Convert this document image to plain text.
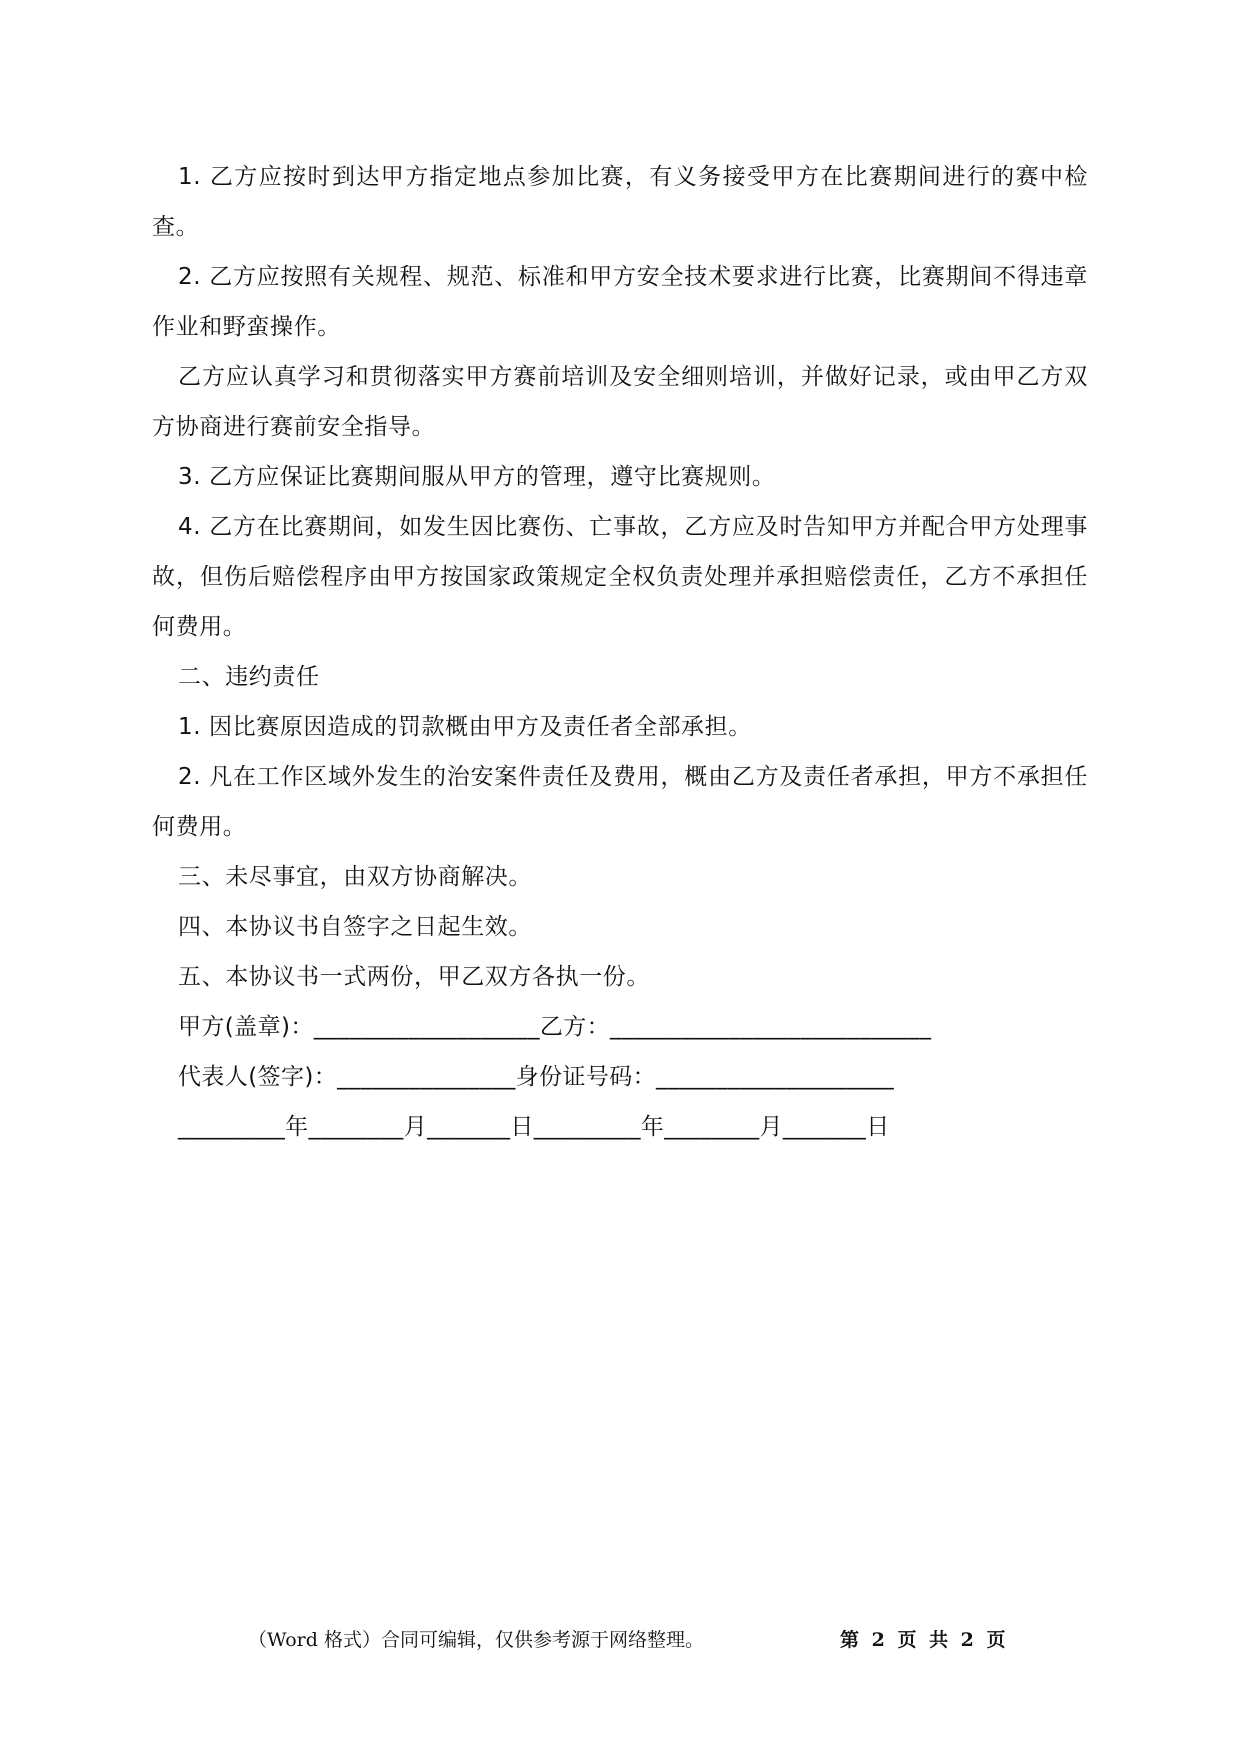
1. 乙方应按时到达甲方指定地点参加比赛，有义务接受甲方在比赛期间进行的赛中检查。

2. 乙方应按照有关规程、规范、标准和甲方安全技术要求进行比赛，比赛期间不得违章作业和野蛮操作。

乙方应认真学习和贯彻落实甲方赛前培训及安全细则培训，并做好记录，或由甲乙方双方协商进行赛前安全指导。

3. 乙方应保证比赛期间服从甲方的管理，遵守比赛规则。

4. 乙方在比赛期间，如发生因比赛伤、亡事故，乙方应及时告知甲方并配合甲方处理事故，但伤后赔偿程序由甲方按国家政策规定全权负责处理并承担赔偿责任，乙方不承担任何费用。

二、违约责任

1. 因比赛原因造成的罚款概由甲方及责任者全部承担。

2. 凡在工作区域外发生的治安案件责任及费用，概由乙方及责任者承担，甲方不承担任何费用。

三、未尽事宜，由双方协商解决。

四、本协议书自签字之日起生效。

五、本协议书一式两份，甲乙双方各执一份。

甲方(盖章)：___________________乙方：___________________________

代表人(签字)：_______________身份证号码：____________________

_________年________月_______日_________年________月_______日

（Word 格式）合同可编辑，仅供参考源于网络整理。	第 2 页 共 2 页
